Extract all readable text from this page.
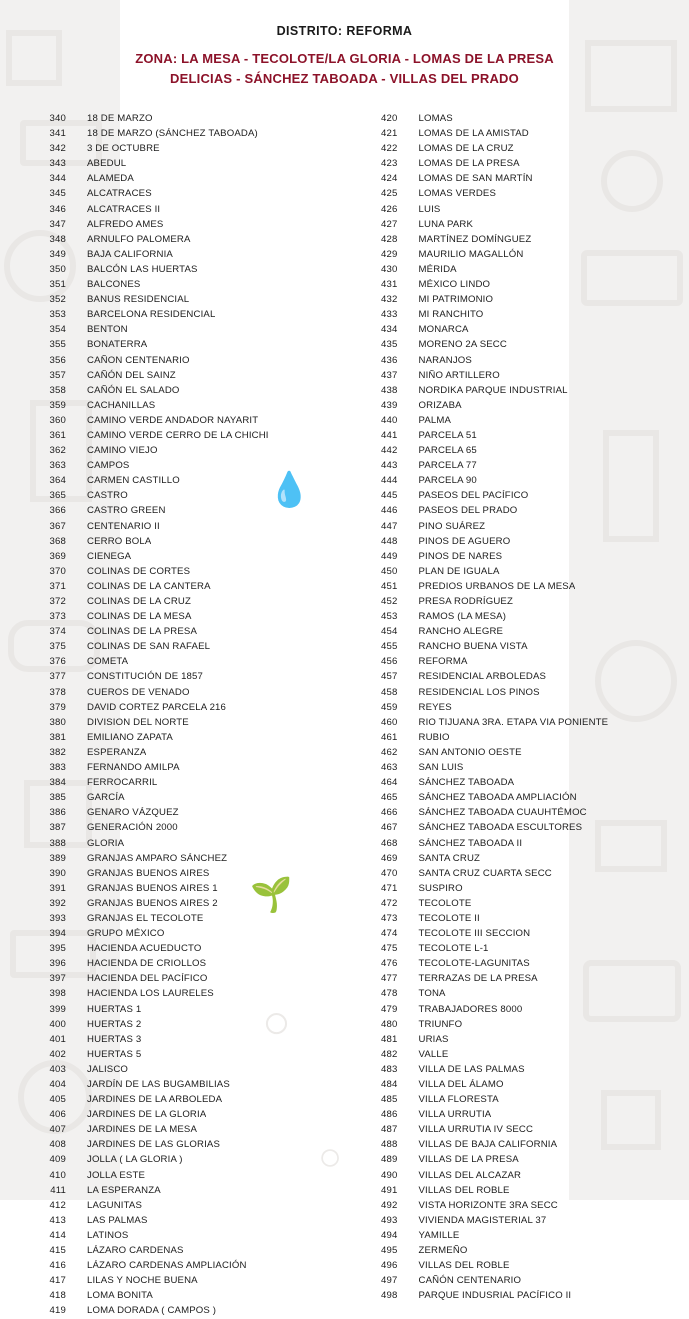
💧
🌱
○
○
DISTRITO: REFORMA
ZONA: LA MESA - TECOLOTE/LA GLORIA - LOMAS DE LA PRESA
DELICIAS - SÁNCHEZ TABOADA - VILLAS DEL PRADO
340	18 DE MARZO
341	18 DE MARZO (SÁNCHEZ TABOADA)
342	3 DE OCTUBRE
343	ABEDUL
344	ALAMEDA
345	ALCATRACES
346	ALCATRACES II
347	ALFREDO AMES
348	ARNULFO PALOMERA
349	BAJA CALIFORNIA
350	BALCÓN LAS HUERTAS
351	BALCONES
352	BANUS RESIDENCIAL
353	BARCELONA RESIDENCIAL
354	BENTON
355	BONATERRA
356	CAÑON CENTENARIO
357	CAÑÓN DEL SAINZ
358	CAÑÓN EL SALADO
359	CACHANILLAS
360	CAMINO VERDE ANDADOR NAYARIT
361	CAMINO VERDE CERRO DE LA CHICHI
362	CAMINO VIEJO
363	CAMPOS
364	CARMEN CASTILLO
365	CASTRO
366	CASTRO GREEN
367	CENTENARIO II
368	CERRO BOLA
369	CIENEGA
370	COLINAS DE CORTES
371	COLINAS DE LA CANTERA
372	COLINAS DE LA CRUZ
373	COLINAS DE LA MESA
374	COLINAS DE LA PRESA
375	COLINAS DE SAN RAFAEL
376	COMETA
377	CONSTITUCIÓN DE 1857
378	CUEROS DE VENADO
379	DAVID CORTEZ PARCELA 216
380	DIVISION DEL NORTE
381	EMILIANO ZAPATA
382	ESPERANZA
383	FERNANDO AMILPA
384	FERROCARRIL
385	GARCÍA
386	GENARO VÁZQUEZ
387	GENERACIÓN 2000
388	GLORIA
389	GRANJAS AMPARO SÁNCHEZ
390	GRANJAS BUENOS AIRES
391	GRANJAS BUENOS AIRES 1
392	GRANJAS BUENOS AIRES 2
393	GRANJAS EL TECOLOTE
394	GRUPO MÉXICO
395	HACIENDA ACUEDUCTO
396	HACIENDA DE CRIOLLOS
397	HACIENDA DEL PACÍFICO
398	HACIENDA LOS LAURELES
399	HUERTAS 1
400	HUERTAS 2
401	HUERTAS 3
402	HUERTAS 5
403	JALISCO
404	JARDÍN DE LAS BUGAMBILIAS
405	JARDINES DE LA ARBOLEDA
406	JARDINES DE LA GLORIA
407	JARDINES DE LA MESA
408	JARDINES DE LAS GLORIAS
409	JOLLA ( LA GLORIA )
410	JOLLA ESTE
411	LA ESPERANZA
412	LAGUNITAS
413	LAS PALMAS
414	LATINOS
415	LÁZARO CARDENAS
416	LÁZARO CARDENAS AMPLIACIÓN
417	LILAS Y NOCHE BUENA
418	LOMA BONITA
419	LOMA DORADA ( CAMPOS )
420	LOMAS
421	LOMAS DE LA AMISTAD
422	LOMAS DE LA CRUZ
423	LOMAS DE LA PRESA
424	LOMAS DE SAN MARTÍN
425	LOMAS VERDES
426	LUIS
427	LUNA PARK
428	MARTÍNEZ DOMÍNGUEZ
429	MAURILIO MAGALLÓN
430	MÉRIDA
431	MÉXICO LINDO
432	MI PATRIMONIO
433	MI RANCHITO
434	MONARCA
435	MORENO 2A SECC
436	NARANJOS
437	NIÑO ARTILLERO
438	NORDIKA PARQUE INDUSTRIAL
439	ORIZABA
440	PALMA
441	PARCELA 51
442	PARCELA 65
443	PARCELA 77
444	PARCELA 90
445	PASEOS DEL PACÍFICO
446	PASEOS DEL PRADO
447	PINO SUÁREZ
448	PINOS DE AGUERO
449	PINOS DE NARES
450	PLAN DE IGUALA
451	PREDIOS URBANOS DE LA MESA
452	PRESA RODRÍGUEZ
453	RAMOS (LA MESA)
454	RANCHO ALEGRE
455	RANCHO BUENA VISTA
456	REFORMA
457	RESIDENCIAL ARBOLEDAS
458	RESIDENCIAL LOS PINOS
459	REYES
460	RIO TIJUANA 3RA. ETAPA VIA PONIENTE
461	RUBIO
462	SAN ANTONIO OESTE
463	SAN LUIS
464	SÁNCHEZ TABOADA
465	SÁNCHEZ TABOADA AMPLIACIÓN
466	SÁNCHEZ TABOADA CUAUHTÉMOC
467	SÁNCHEZ TABOADA ESCULTORES
468	SÁNCHEZ TABOADA II
469	SANTA CRUZ
470	SANTA CRUZ CUARTA SECC
471	SUSPIRO
472	TECOLOTE
473	TECOLOTE II
474	TECOLOTE III SECCION
475	TECOLOTE L-1
476	TECOLOTE-LAGUNITAS
477	TERRAZAS DE LA PRESA
478	TONA
479	TRABAJADORES 8000
480	TRIUNFO
481	URIAS
482	VALLE
483	VILLA DE LAS PALMAS
484	VILLA DEL ÁLAMO
485	VILLA FLORESTA
486	VILLA URRUTIA
487	VILLA URRUTIA IV SECC
488	VILLAS DE BAJA CALIFORNIA
489	VILLAS DE LA PRESA
490	VILLAS DEL ALCAZAR
491	VILLAS DEL ROBLE
492	VISTA HORIZONTE 3RA SECC
493	VIVIENDA MAGISTERIAL 37
494	YAMILLE
495	ZERMEÑO
496	VILLAS DEL ROBLE
497	CAÑÓN CENTENARIO
498	PARQUE INDUSRIAL PACÍFICO II
